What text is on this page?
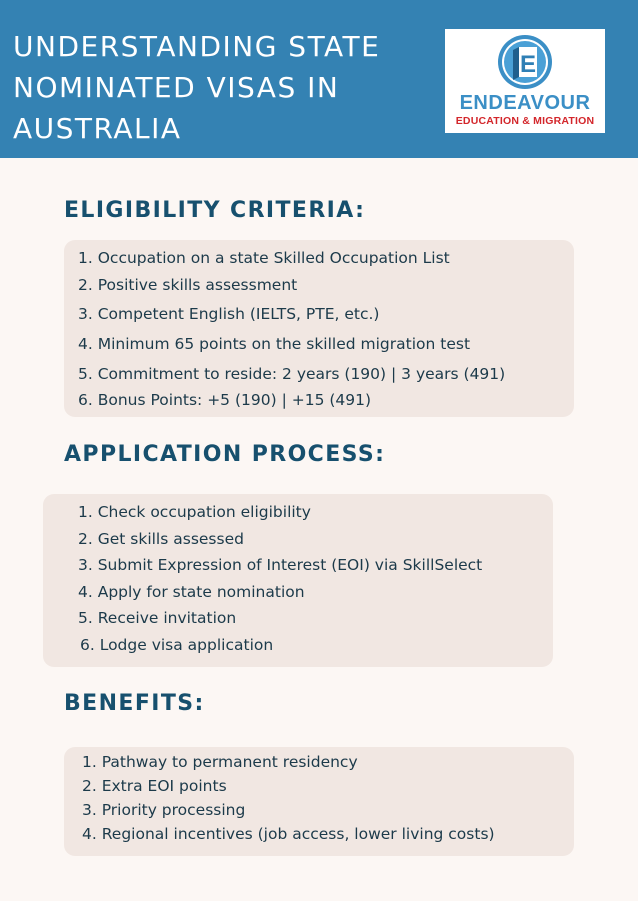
UNDERSTANDING STATE
NOMINATED VISAS IN
AUSTRALIA
E
ENDEAVOUR
EDUCATION & MIGRATION
ELIGIBILITY CRITERIA:
1. Occupation on a state Skilled Occupation List
2. Positive skills assessment
3. Competent English (IELTS, PTE, etc.)
4. Minimum 65 points on the skilled migration test
5. Commitment to reside: 2 years (190) | 3 years (491)
6. Bonus Points: +5 (190) | +15 (491)
APPLICATION PROCESS:
1. Check occupation eligibility
2. Get skills assessed
3. Submit Expression of Interest (EOI) via SkillSelect
4. Apply for state nomination
5. Receive invitation
6. Lodge visa application
BENEFITS:
1. Pathway to permanent residency
2. Extra EOI points
3. Priority processing
4. Regional incentives (job access, lower living costs)
